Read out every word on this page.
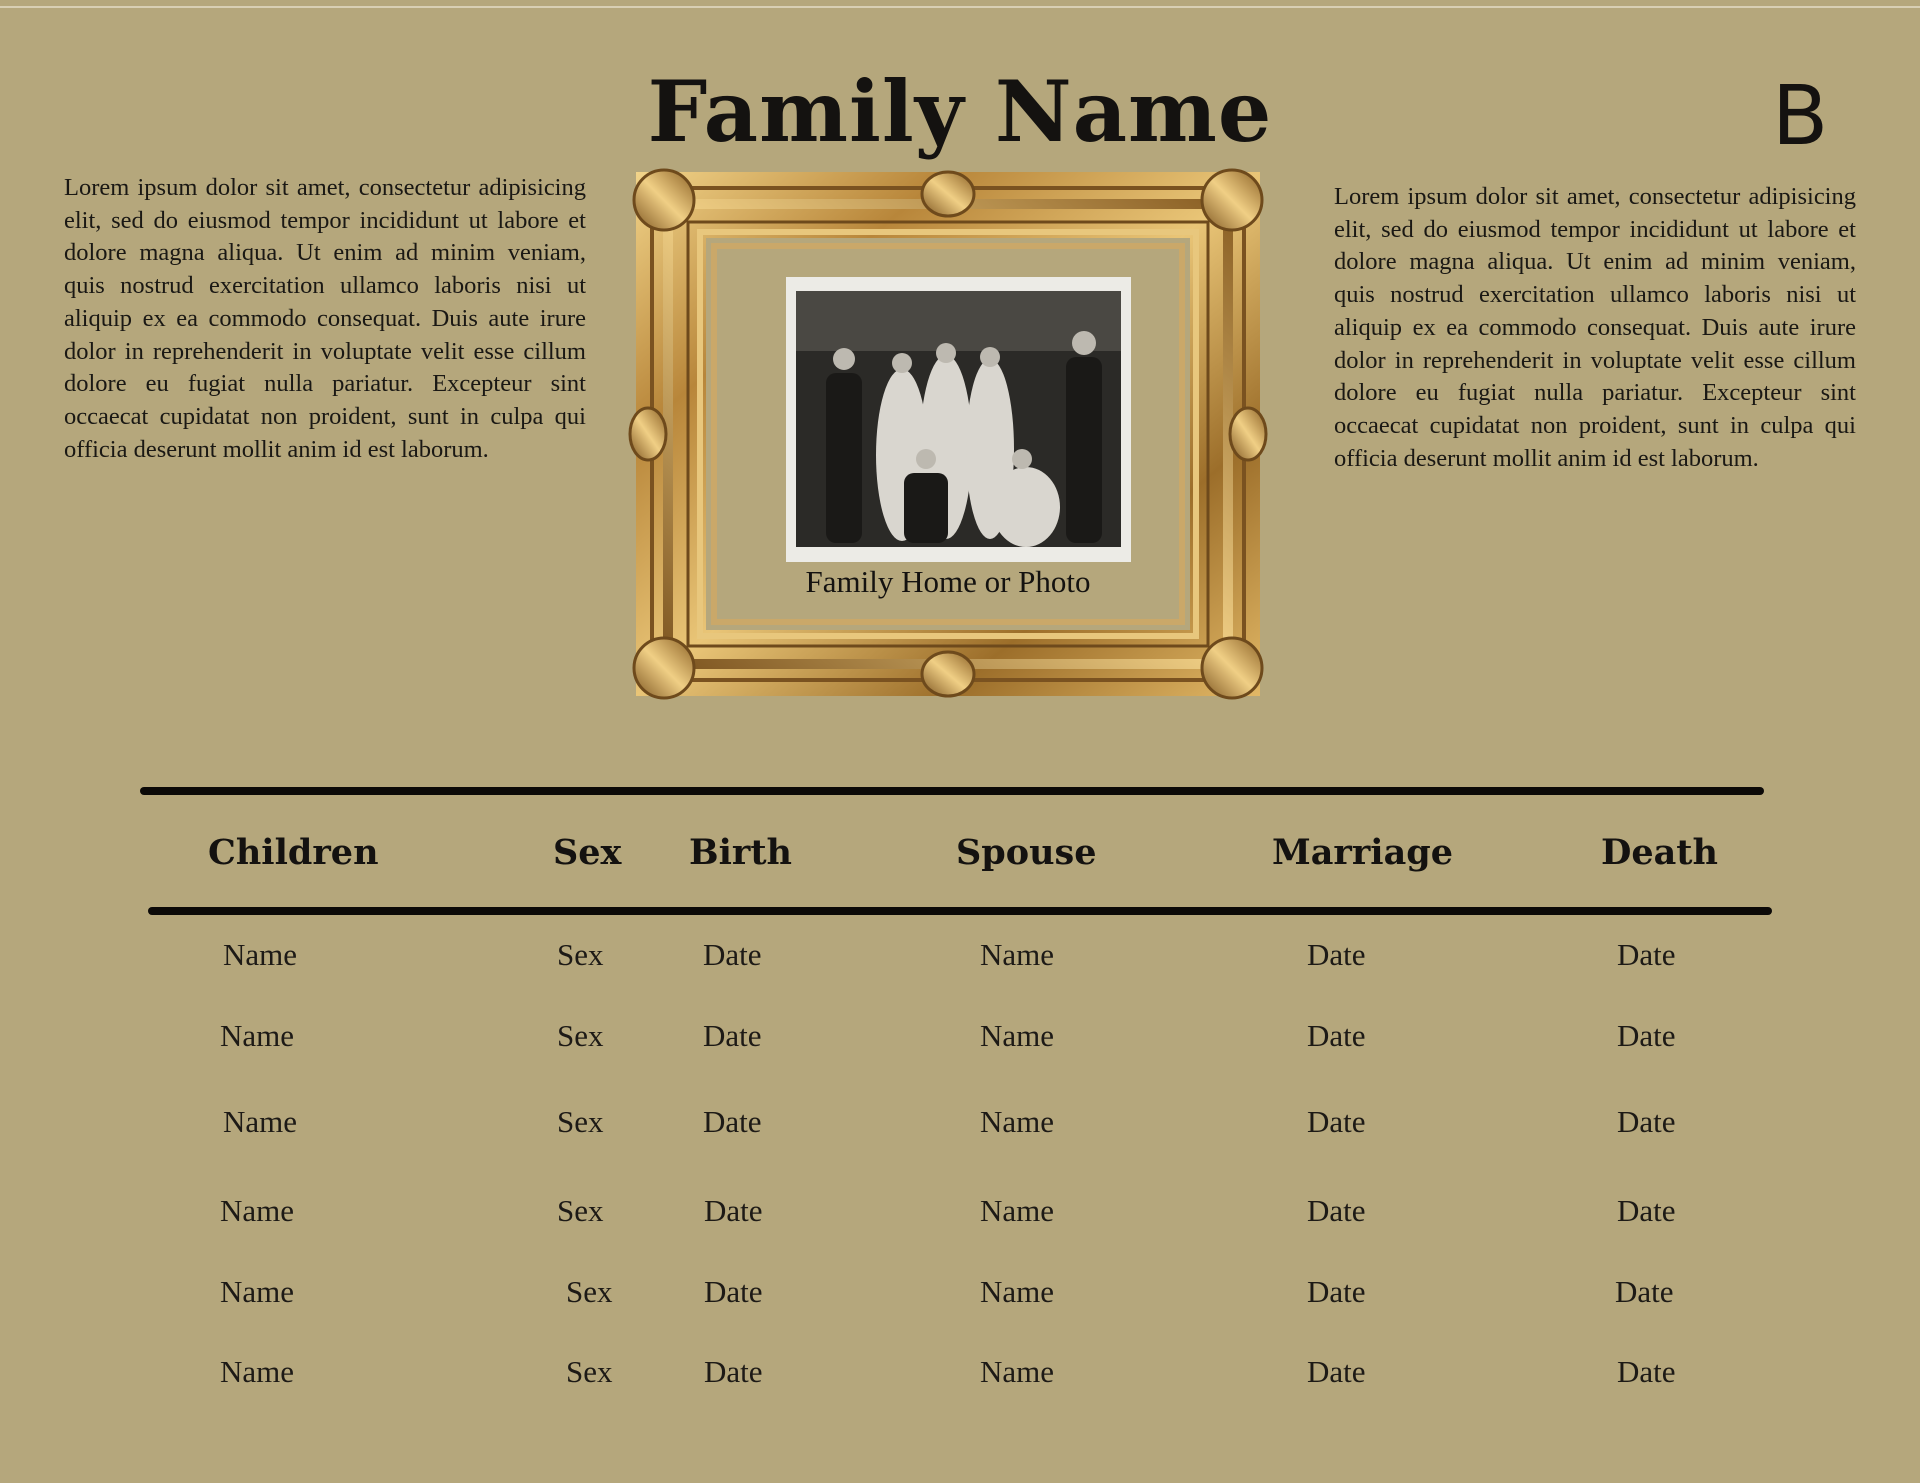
Family Name	B
Lorem ipsum dolor sit amet, consectetur adipisicing elit, sed do eiusmod tempor incididunt ut labore et dolore magna aliqua. Ut enim ad minim veniam, quis nostrud exercitation ullamco laboris nisi ut aliquip ex ea commodo consequat. Duis aute irure dolor in reprehenderit in voluptate velit esse cillum dolore eu fugiat nulla pariatur. Excepteur sint occaecat cupidatat non proident, sunt in culpa qui officia deserunt mollit anim id est laborum.
Lorem ipsum dolor sit amet, consectetur adipisicing elit, sed do eiusmod tempor incididunt ut labore et dolore magna aliqua. Ut enim ad minim veniam, quis nostrud exercitation ullamco laboris nisi ut aliquip ex ea commodo consequat. Duis aute irure dolor in reprehenderit in voluptate velit esse cillum dolore eu fugiat nulla pariatur. Excepteur sint occaecat cupidatat non proident, sunt in culpa qui officia deserunt mollit anim id est laborum.
Family Home or Photo
Children	Sex Birth	Spouse	Marriage	Death
Name	Sex	Date	Name	Date	Date
Name	Sex	Date	Name	Date	Date
Name	Sex	Date	Name	Date	Date
Name	Sex	Date	Name	Date	Date
Name	Sex	Date	Name	Date	Date
Name	Sex	Date	Name	Date	Date
